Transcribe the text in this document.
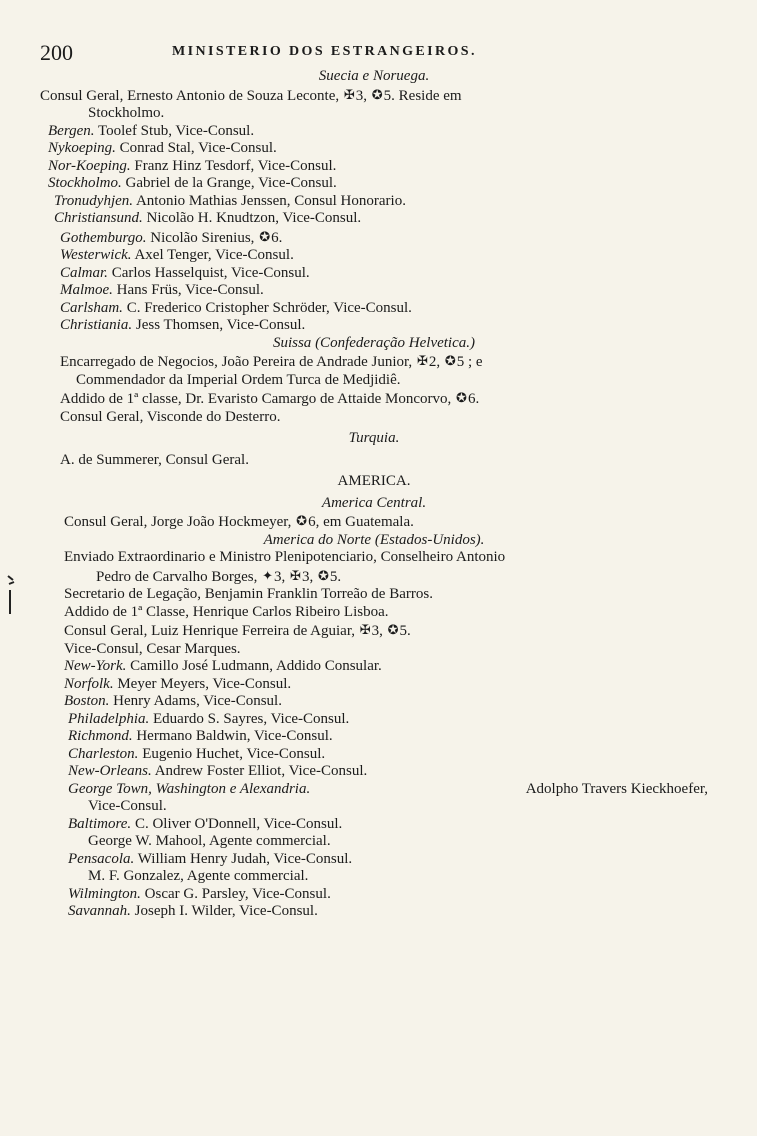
200	MINISTERIO DOS ESTRANGEIROS.
Suecia e Noruega.
Consul Geral, Ernesto Antonio de Souza Leconte, ✠3, ✪5. Reside em
Stockholmo.
Bergen. Toolef Stub, Vice-Consul.
Nykoeping. Conrad Stal, Vice-Consul.
Nor-Koeping. Franz Hinz Tesdorf, Vice-Consul.
Stockholmo. Gabriel de la Grange, Vice-Consul.
Tronudyhjen. Antonio Mathias Jenssen, Consul Honorario.
Christiansund. Nicolão H. Knudtzon, Vice-Consul.
Gothemburgo. Nicolão Sirenius, ✪6.
Westerwick. Axel Tenger, Vice-Consul.
Calmar. Carlos Hasselquist, Vice-Consul.
Malmoe. Hans Früs, Vice-Consul.
Carlsham. C. Frederico Cristopher Schröder, Vice-Consul.
Christiania. Jess Thomsen, Vice-Consul.
Suissa (Confederação Helvetica.)
Encarregado de Negocios, João Pereira de Andrade Junior, ✠2, ✪5 ; e
Commendador da Imperial Ordem Turca de Medjidiê.
Addido de 1ª classe, Dr. Evaristo Camargo de Attaide Moncorvo, ✪6.
Consul Geral, Visconde do Desterro.
Turquia.
A. de Summerer, Consul Geral.
AMERICA.
America Central.
Consul Geral, Jorge João Hockmeyer, ✪6, em Guatemala.
America do Norte (Estados-Unidos).
Enviado Extraordinario e Ministro Plenipotenciario, Conselheiro Antonio
Pedro de Carvalho Borges, ✦3, ✠3, ✪5.
Secretario de Legação, Benjamin Franklin Torreão de Barros.
Addido de 1ª Classe, Henrique Carlos Ribeiro Lisboa.
Consul Geral, Luiz Henrique Ferreira de Aguiar, ✠3, ✪5.
Vice-Consul, Cesar Marques.
New-York. Camillo José Ludmann, Addido Consular.
Norfolk. Meyer Meyers, Vice-Consul.
Boston. Henry Adams, Vice-Consul.
Philadelphia. Eduardo S. Sayres, Vice-Consul.
Richmond. Hermano Baldwin, Vice-Consul.
Charleston. Eugenio Huchet, Vice-Consul.
New-Orleans. Andrew Foster Elliot, Vice-Consul.
George Town, Washington e Alexandria.	Adolpho Travers Kieckhoefer,
Vice-Consul.
Baltimore. C. Oliver O'Donnell, Vice-Consul.
George W. Mahool, Agente commercial.
Pensacola. William Henry Judah, Vice-Consul.
M. F. Gonzalez, Agente commercial.
Wilmington. Oscar G. Parsley, Vice-Consul.
Savannah. Joseph I. Wilder, Vice-Consul.
